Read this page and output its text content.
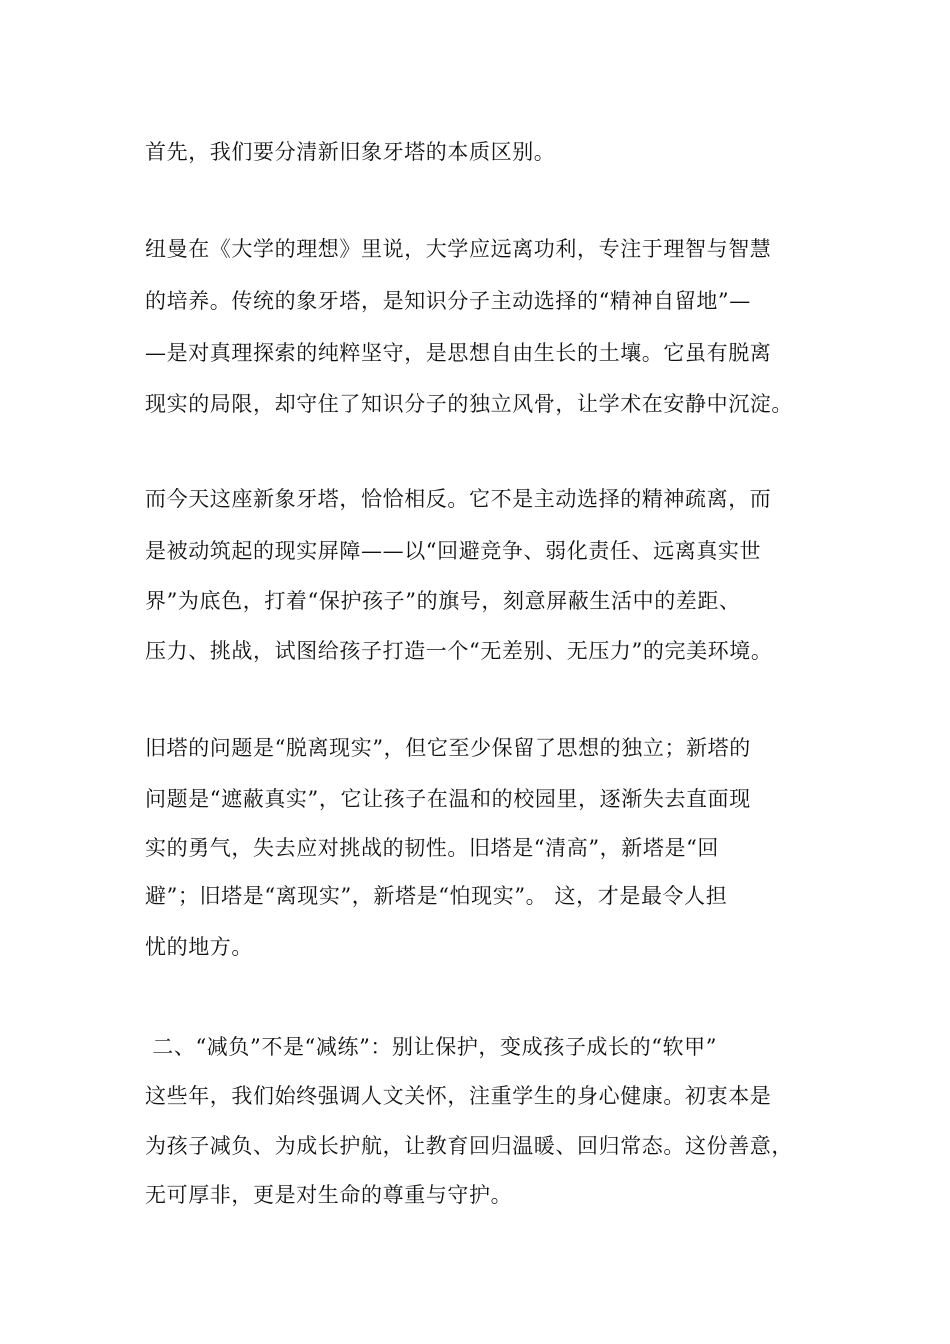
首先，我们要分清新旧象牙塔的本质区别。
纽曼在《大学的理想》里说，大学应远离功利，专注于理智与智慧
的培养。传统的象牙塔，是知识分子主动选择的“精神自留地”—
—是对真理探索的纯粹坚守，是思想自由生长的土壤。它虽有脱离
现实的局限，却守住了知识分子的独立风骨，让学术在安静中沉淀。
而今天这座新象牙塔，恰恰相反。它不是主动选择的精神疏离，而
是被动筑起的现实屏障——以“回避竞争、弱化责任、远离真实世
界”为底色，打着“保护孩子”的旗号，刻意屏蔽生活中的差距、
压力、挑战，试图给孩子打造一个“无差别、无压力”的完美环境。
旧塔的问题是“脱离现实”，但它至少保留了思想的独立；新塔的
问题是“遮蔽真实”，它让孩子在温和的校园里，逐渐失去直面现
实的勇气，失去应对挑战的韧性。旧塔是“清高”，新塔是“回
避”；旧塔是“离现实”，新塔是“怕现实”。 这，才是最令人担
忧的地方。
二、“减负”不是“减练”：别让保护，变成孩子成长的“软甲”
这些年，我们始终强调人文关怀，注重学生的身心健康。初衷本是
为孩子减负、为成长护航，让教育回归温暖、回归常态。这份善意，
无可厚非，更是对生命的尊重与守护。
